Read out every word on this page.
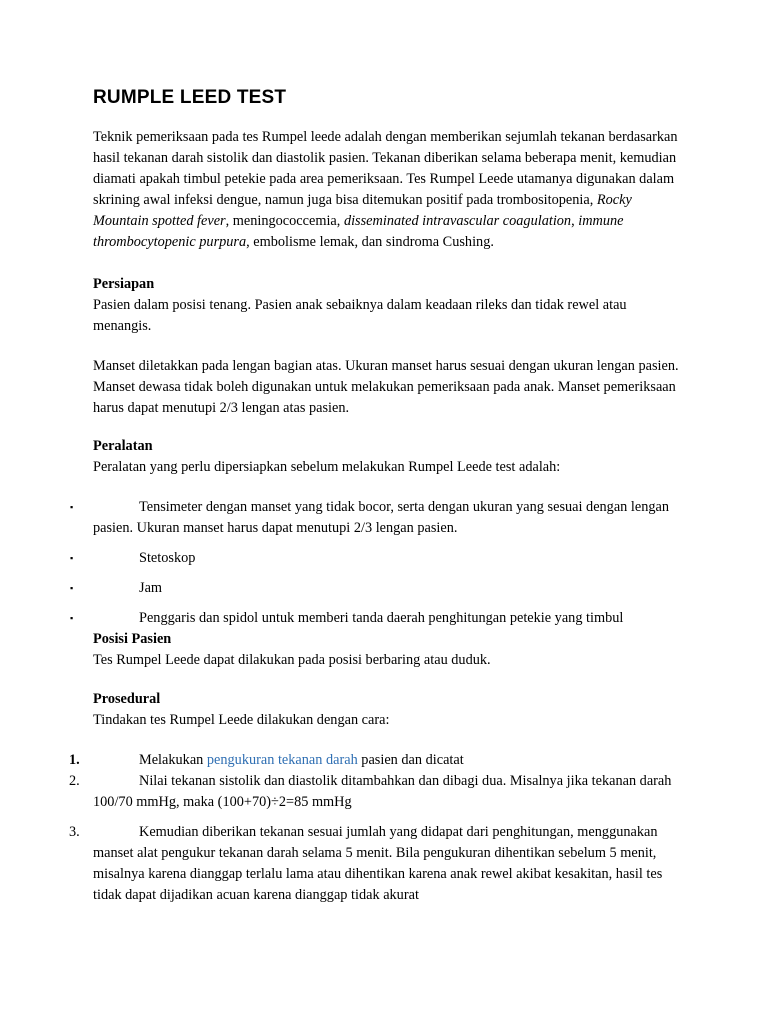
RUMPLE LEED TEST

Teknik pemeriksaan pada tes Rumpel leede adalah dengan memberikan sejumlah tekanan berdasarkan hasil tekanan darah sistolik dan diastolik pasien. Tekanan diberikan selama beberapa menit, kemudian diamati apakah timbul petekie pada area pemeriksaan. Tes Rumpel Leede utamanya digunakan dalam skrining awal infeksi dengue, namun juga bisa ditemukan positif pada trombositopenia, Rocky Mountain spotted fever, meningococcemia, disseminated intravascular coagulation, immune thrombocytopenic purpura, embolisme lemak, dan sindroma Cushing.

Persiapan

Pasien dalam posisi tenang. Pasien anak sebaiknya dalam keadaan rileks dan tidak rewel atau menangis.

Manset diletakkan pada lengan bagian atas. Ukuran manset harus sesuai dengan ukuran lengan pasien. Manset dewasa tidak boleh digunakan untuk melakukan pemeriksaan pada anak. Manset pemeriksaan harus dapat menutupi 2/3 lengan atas pasien.

Peralatan

Peralatan yang perlu dipersiapkan sebelum melakukan Rumpel Leede test adalah:

▪	Tensimeter dengan manset yang tidak bocor, serta dengan ukuran yang sesuai dengan lengan pasien. Ukuran manset harus dapat menutupi 2/3 lengan pasien.
▪	Stetoskop
▪	Jam
▪	Penggaris dan spidol untuk memberi tanda daerah penghitungan petekie yang timbul

Posisi Pasien

Tes Rumpel Leede dapat dilakukan pada posisi berbaring atau duduk.

Prosedural

Tindakan tes Rumpel Leede dilakukan dengan cara:

1.	Melakukan pengukuran tekanan darah pasien dan dicatat
2.	Nilai tekanan sistolik dan diastolik ditambahkan dan dibagi dua. Misalnya jika tekanan darah 100/70 mmHg, maka (100+70)÷2=85 mmHg
3.	Kemudian diberikan tekanan sesuai jumlah yang didapat dari penghitungan, menggunakan manset alat pengukur tekanan darah selama 5 menit. Bila pengukuran dihentikan sebelum 5 menit, misalnya karena dianggap terlalu lama atau dihentikan karena anak rewel akibat kesakitan, hasil tes tidak dapat dijadikan acuan karena dianggap tidak akurat
